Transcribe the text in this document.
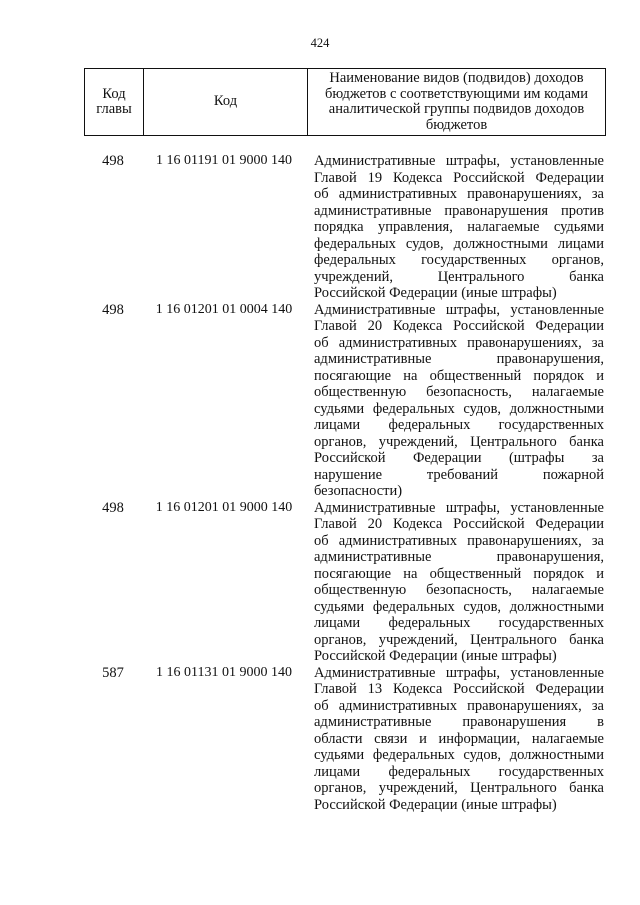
424
Код главы	Код
Наименование видов (подвидов) доходов бюджетов с соответствующими им кодами аналитической группы подвидов доходов бюджетов
498	1 16 01191 01 9000 140	Административные штрафы, установленные
Главой 19 Кодекса Российской Федерации
об административных правонарушениях, за
административные правонарушения против
порядка управления, налагаемые судьями
федеральных судов, должностными лицами
федеральных государственных органов,
учреждений, Центрального банка
Российской Федерации (иные штрафы)
498	1 16 01201 01 0004 140	Административные штрафы, установленные
Главой 20 Кодекса Российской Федерации
об административных правонарушениях, за
административные правонарушения,
посягающие на общественный порядок и
общественную безопасность, налагаемые
судьями федеральных судов, должностными
лицами федеральных государственных
органов, учреждений, Центрального банка
Российской Федерации (штрафы за
нарушение требований пожарной
безопасности)
498	1 16 01201 01 9000 140	Административные штрафы, установленные
Главой 20 Кодекса Российской Федерации
об административных правонарушениях, за
административные правонарушения,
посягающие на общественный порядок и
общественную безопасность, налагаемые
судьями федеральных судов, должностными
лицами федеральных государственных
органов, учреждений, Центрального банка
Российской Федерации (иные штрафы)
587	1 16 01131 01 9000 140	Административные штрафы, установленные
Главой 13 Кодекса Российской Федерации
об административных правонарушениях, за
административные правонарушения в
области связи и информации, налагаемые
судьями федеральных судов, должностными
лицами федеральных государственных
органов, учреждений, Центрального банка
Российской Федерации (иные штрафы)
